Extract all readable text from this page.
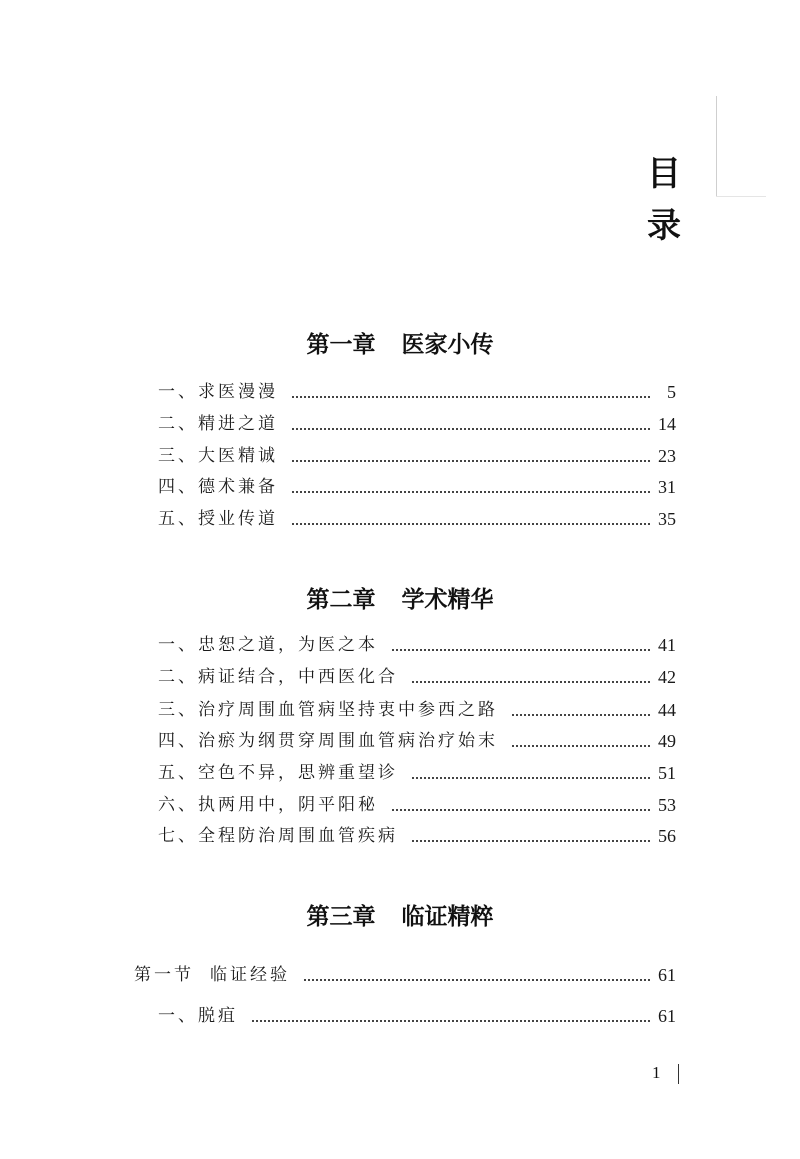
目
录
第一章 医家小传
一、求医漫漫	5
二、精进之道	14
三、大医精诚	23
四、德术兼备	31
五、授业传道	35
第二章 学术精华
一、忠恕之道，为医之本	41
二、病证结合，中西医化合	42
三、治疗周围血管病坚持衷中参西之路	44
四、治瘀为纲贯穿周围血管病治疗始末	49
五、空色不异，思辨重望诊	51
六、执两用中，阴平阳秘	53
七、全程防治周围血管疾病	56
第三章 临证精粹
第一节 临证经验	61
一、脱疽	61
1
